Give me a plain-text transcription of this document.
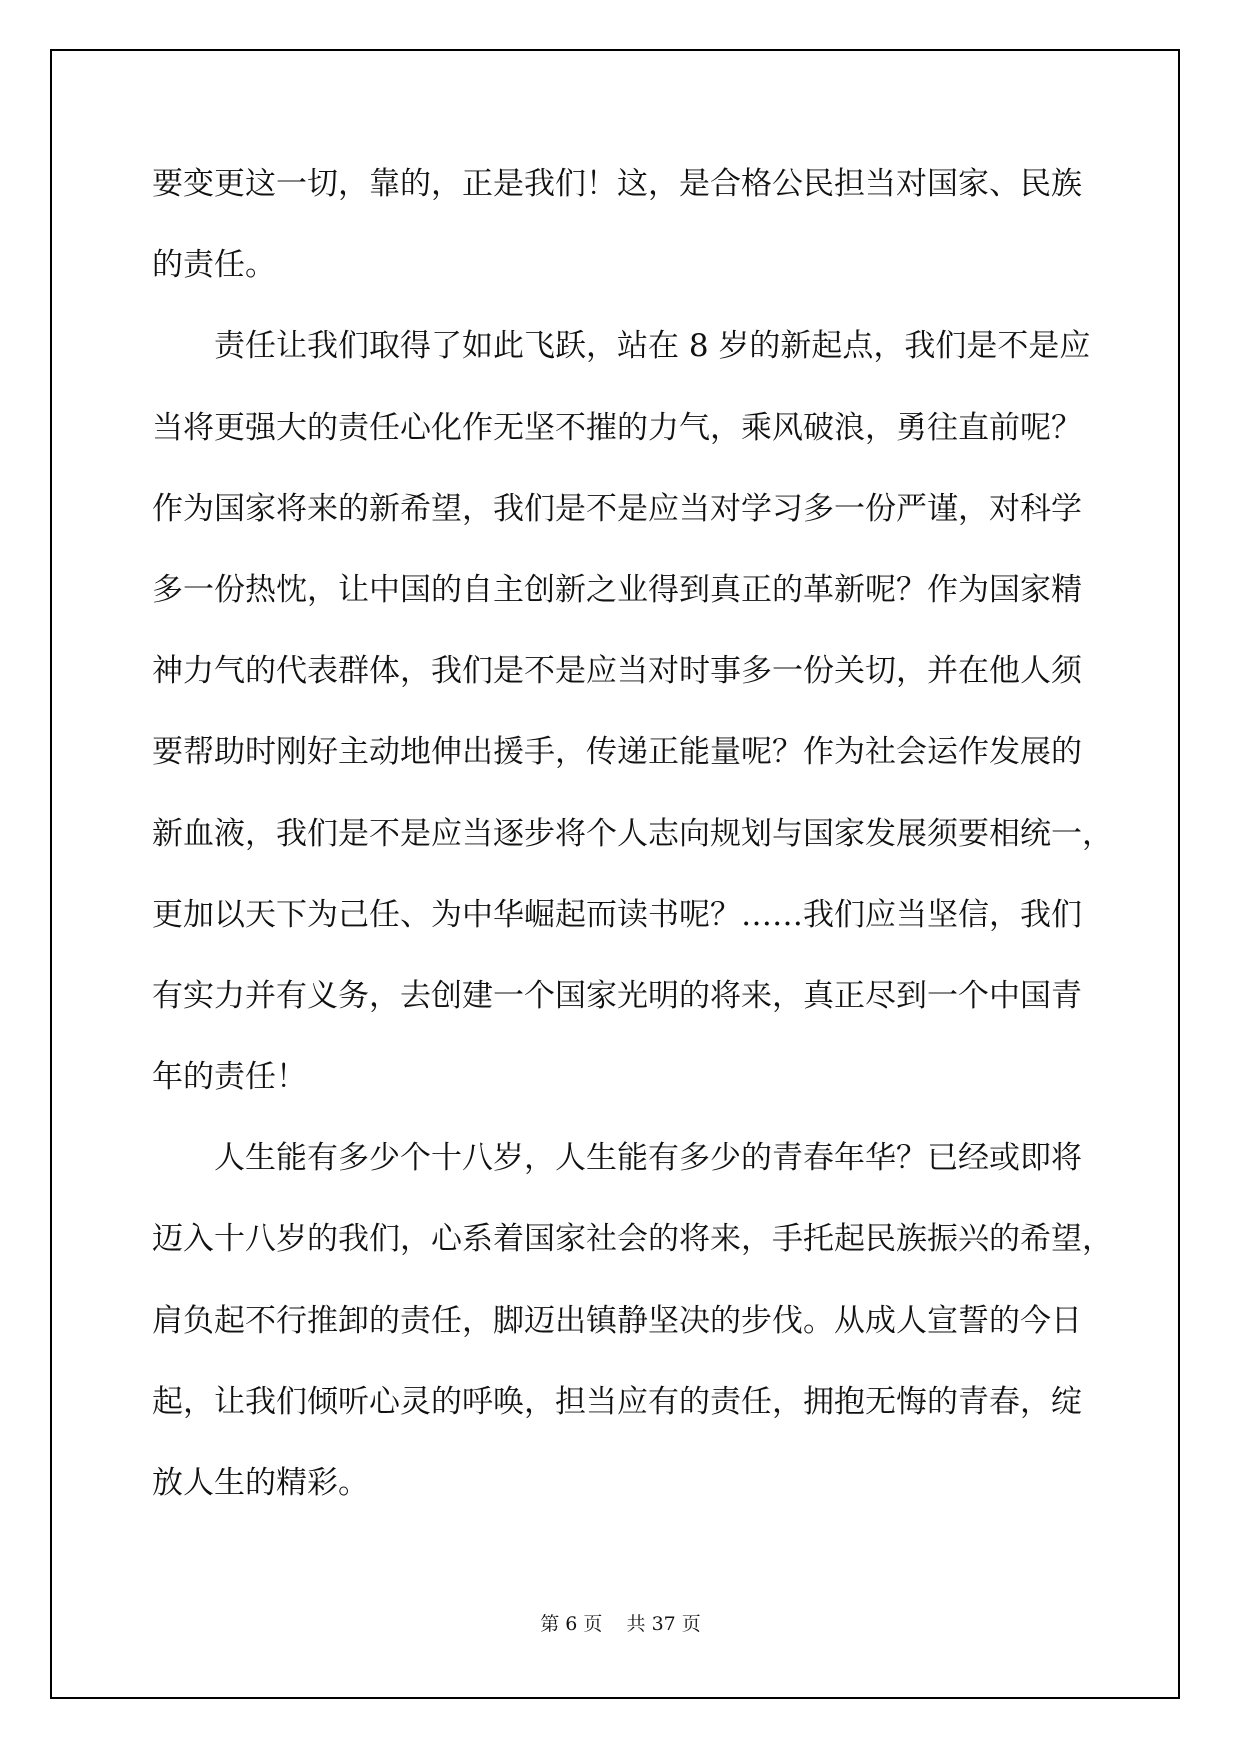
要变更这一切，靠的，正是我们！这，是合格公民担当对国家、民族
的责任。
责任让我们取得了如此飞跃，站在 8 岁的新起点，我们是不是应
当将更强大的责任心化作无坚不摧的力气，乘风破浪，勇往直前呢？
作为国家将来的新希望，我们是不是应当对学习多一份严谨，对科学
多一份热忱，让中国的自主创新之业得到真正的革新呢？作为国家精
神力气的代表群体，我们是不是应当对时事多一份关切，并在他人须
要帮助时刚好主动地伸出援手，传递正能量呢？作为社会运作发展的
新血液，我们是不是应当逐步将个人志向规划与国家发展须要相统一，
更加以天下为己任、为中华崛起而读书呢？……我们应当坚信，我们
有实力并有义务，去创建一个国家光明的将来，真正尽到一个中国青
年的责任！
人生能有多少个十八岁，人生能有多少的青春年华？已经或即将
迈入十八岁的我们，心系着国家社会的将来，手托起民族振兴的希望，
肩负起不行推卸的责任，脚迈出镇静坚决的步伐。从成人宣誓的今日
起，让我们倾听心灵的呼唤，担当应有的责任，拥抱无悔的青春，绽
放人生的精彩。
第 6 页 共 37 页
